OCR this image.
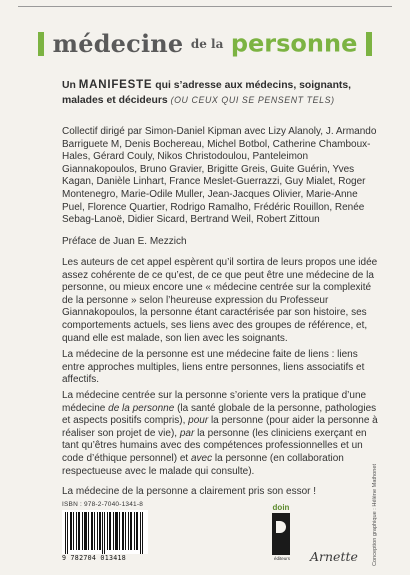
médecine de la personne
Un MANIFESTE qui s’adresse aux médecins, soignants, malades et décideurs (OU CEUX QUI SE PENSENT TELS)

Collectif dirigé par Simon-Daniel Kipman avec Lizy Alanoly, J. Armando Barriguete M, Denis Bochereau, Michel Botbol, Catherine Chamboux-Hales, Gérard Couly, Nikos Christodoulou, Panteleimon Giannakopoulos, Bruno Gravier, Brigitte Greis, Guite Guérin, Yves Kagan, Danièle Linhart, France Meslet-Guerrazzi, Guy Mialet, Roger Montenegro, Marie-Odile Muller, Jean-Jacques Olivier, Marie-Anne Puel, Florence Quartier, Rodrigo Ramalho, Frédéric Rouillon, Renée Sebag-Lanoë, Didier Sicard, Bertrand Weil, Robert Zittoun

Préface de Juan E. Mezzich

Les auteurs de cet appel espèrent qu’il sortira de leurs propos une idée assez cohérente de ce qu’est, de ce que peut être une médecine de la personne, ou mieux encore une « médecine centrée sur la complexité de la personne » selon l’heureuse expression du Professeur Giannakopoulos, la personne étant caractérisée par son histoire, ses comportements actuels, ses liens avec des groupes de référence, et, quand elle est malade, son lien avec les soignants.

La médecine de la personne est une médecine faite de liens : liens entre approches multiples, liens entre personnes, liens associatifs et affectifs.

La médecine centrée sur la personne s’oriente vers la pratique d’une médecine de la personne (la santé globale de la personne, pathologies et aspects positifs compris), pour la personne (pour aider la personne à réaliser son projet de vie), par la personne (les cliniciens exerçant en tant qu’êtres humains avec des compétences professionnelles et un code d’éthique personnel) et avec la personne (en collaboration respectueuse avec le malade qui consulte).

La médecine de la personne a clairement pris son essor !

ISBN : 978-2-7040-1341-8
9 782704 013418
doin
éditeurs	Arnette	Conception graphique : Hélène Mathonet
